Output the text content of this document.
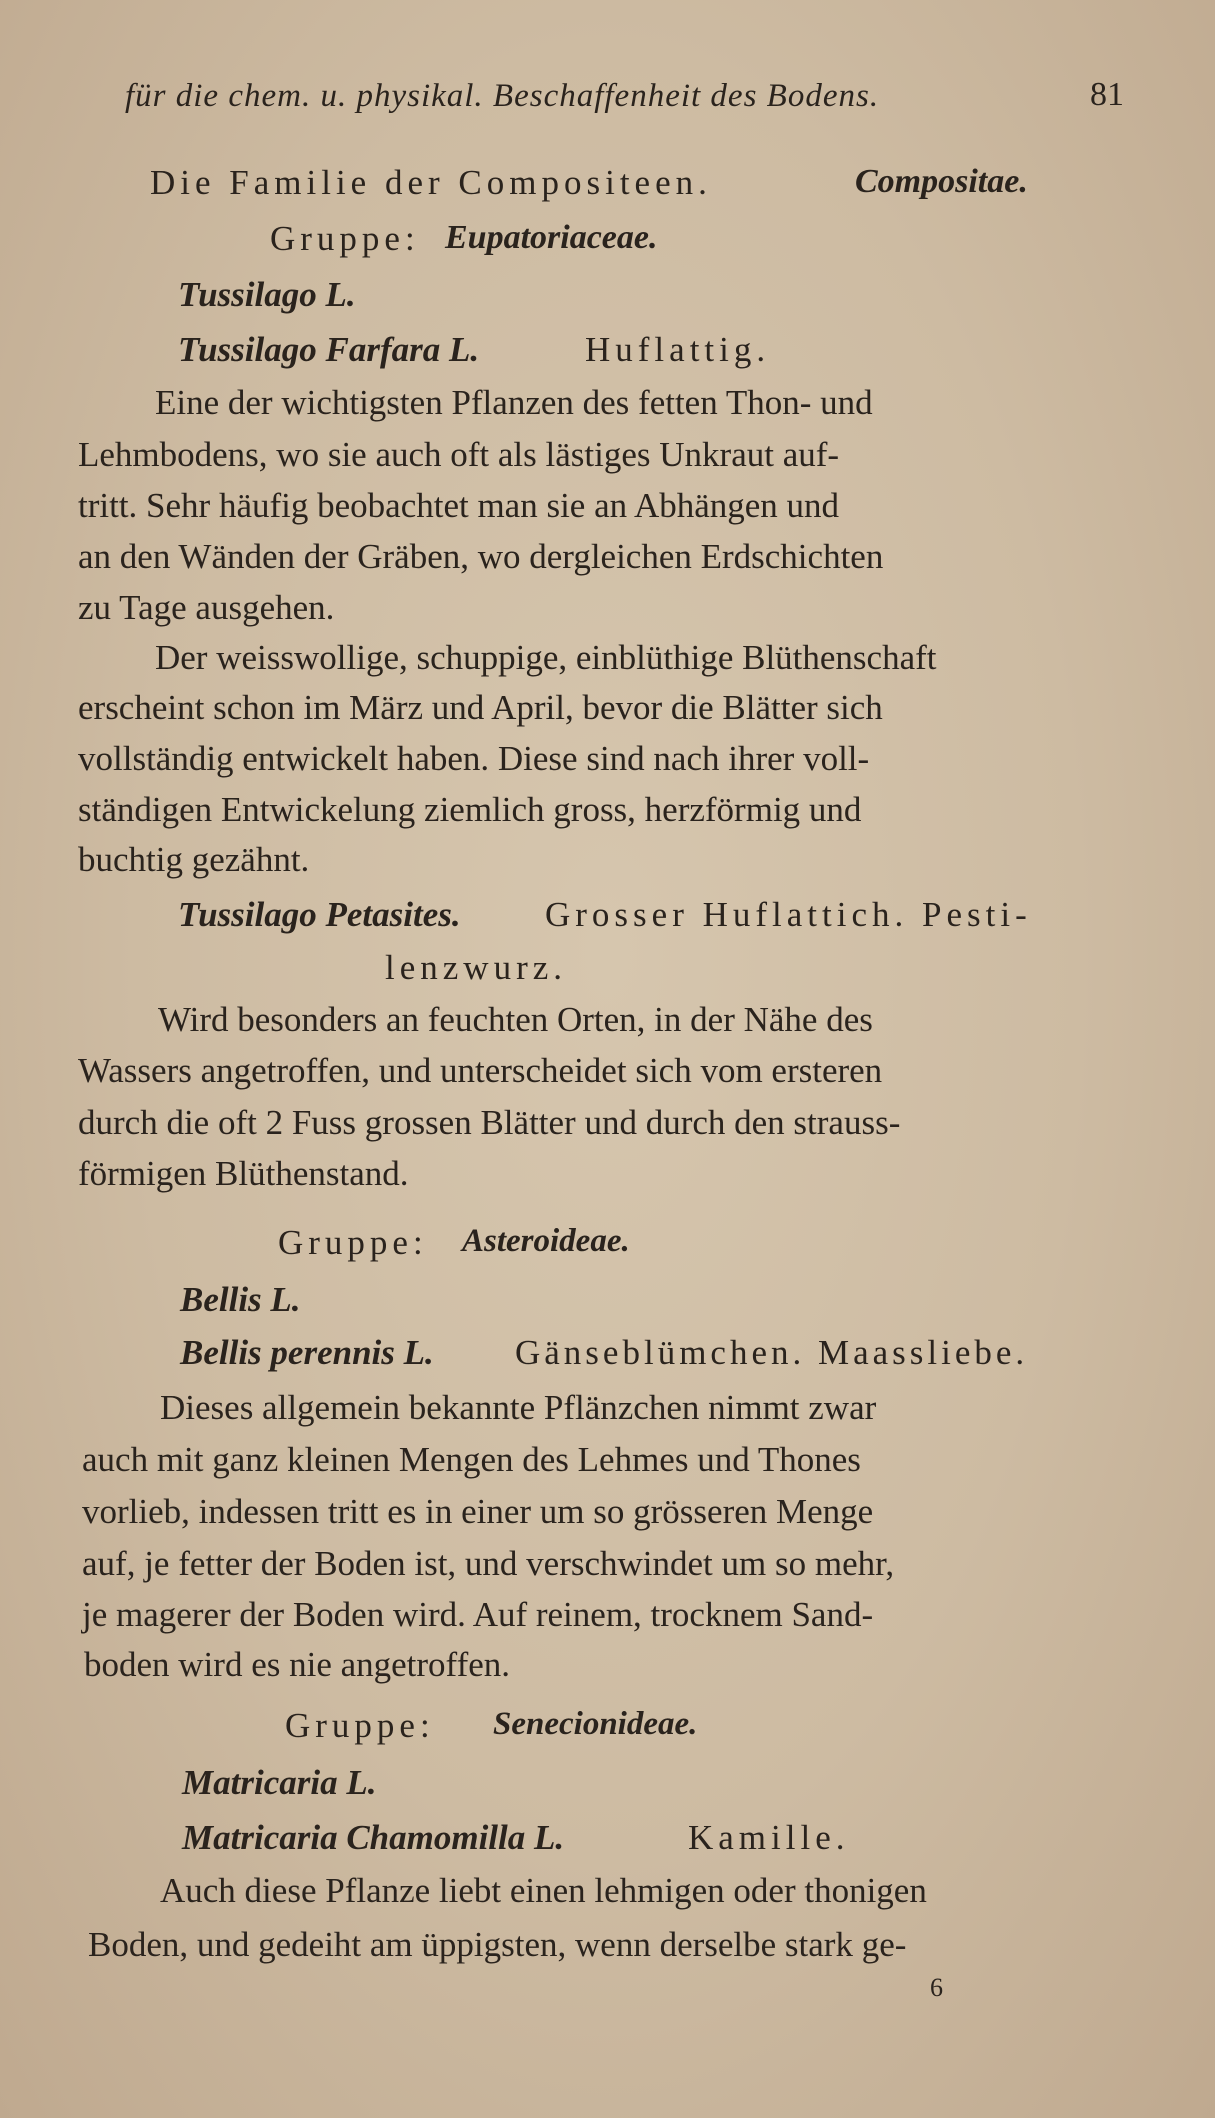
für die chem. u. physikal. Beschaffenheit des Bodens.	81
Die Familie der Compositeen.	Compositae.
Gruppe: Eupatoriaceae.
Tussilago L.
Tussilago Farfara L.	Huflattig.
Eine der wichtigsten Pflanzen des fetten Thon- und
Lehmbodens, wo sie auch oft als lästiges Unkraut auf-
tritt. Sehr häufig beobachtet man sie an Abhängen und
an den Wänden der Gräben, wo dergleichen Erdschichten
zu Tage ausgehen.
Der weisswollige, schuppige, einblüthige Blüthenschaft
erscheint schon im März und April, bevor die Blätter sich
vollständig entwickelt haben. Diese sind nach ihrer voll-
ständigen Entwickelung ziemlich gross, herzförmig und
buchtig gezähnt.
Tussilago Petasites. Grosser Huflattich. Pesti-
lenzwurz.
Wird besonders an feuchten Orten, in der Nähe des
Wassers angetroffen, und unterscheidet sich vom ersteren
durch die oft 2 Fuss grossen Blätter und durch den strauss-
förmigen Blüthenstand.
Gruppe: Asteroideae.
Bellis L.
Bellis perennis L. Gänseblümchen. Maassliebe.
Dieses allgemein bekannte Pflänzchen nimmt zwar
auch mit ganz kleinen Mengen des Lehmes und Thones
vorlieb, indessen tritt es in einer um so grösseren Menge
auf, je fetter der Boden ist, und verschwindet um so mehr,
je magerer der Boden wird. Auf reinem, trocknem Sand-
boden wird es nie angetroffen.
Gruppe: Senecionideae.
Matricaria L.
Matricaria Chamomilla L.	Kamille.
Auch diese Pflanze liebt einen lehmigen oder thonigen
Boden, und gedeiht am üppigsten, wenn derselbe stark ge-
6
